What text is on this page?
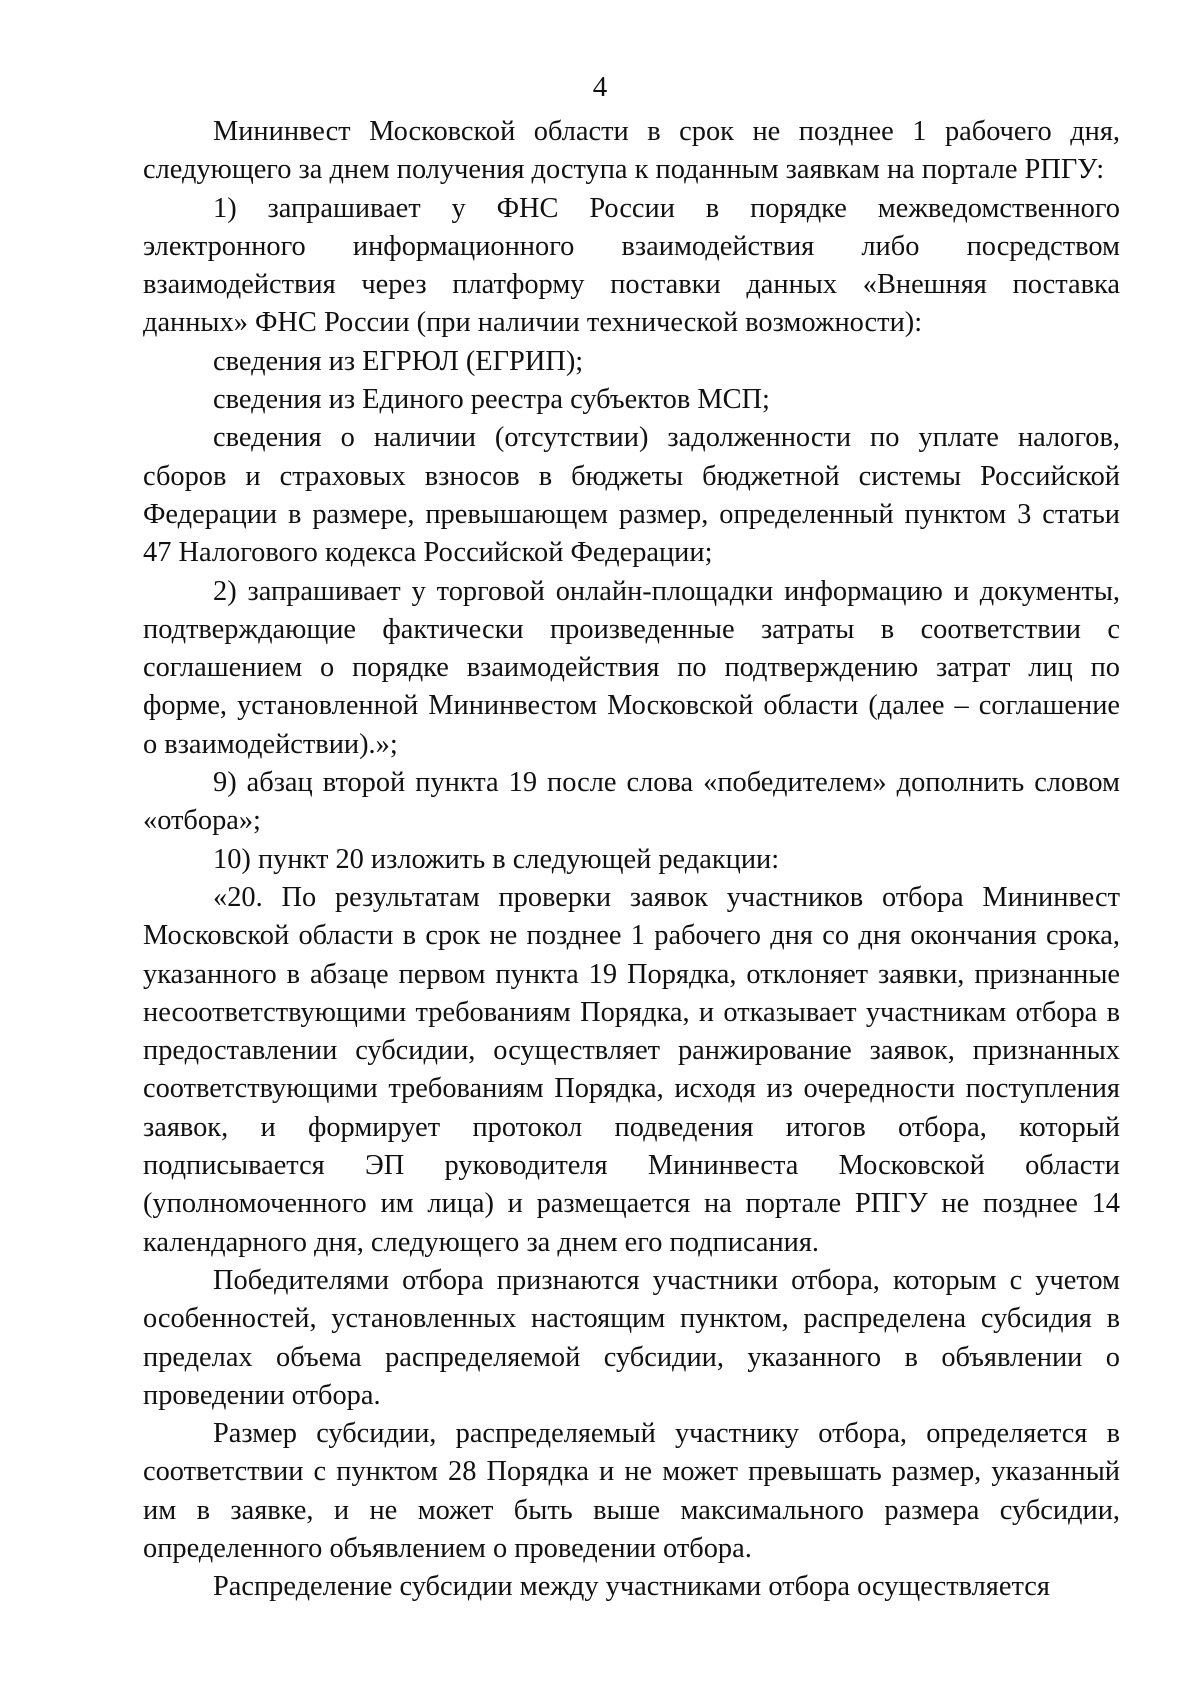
4

Мининвест Московской области в срок не позднее 1 рабочего дня, следующего за днем получения доступа к поданным заявкам на портале РПГУ:

1) запрашивает у ФНС России в порядке межведомственного электронного информационного взаимодействия либо посредством взаимодействия через платформу поставки данных «Внешняя поставка данных» ФНС России (при наличии технической возможности):

сведения из ЕГРЮЛ (ЕГРИП);

сведения из Единого реестра субъектов МСП;

сведения о наличии (отсутствии) задолженности по уплате налогов, сборов и страховых взносов в бюджеты бюджетной системы Российской Федерации в размере, превышающем размер, определенный пунктом 3 статьи 47 Налогового кодекса Российской Федерации;

2) запрашивает у торговой онлайн-площадки информацию и документы, подтверждающие фактически произведенные затраты в соответствии с соглашением о порядке взаимодействия по подтверждению затрат лиц по форме, установленной Мининвестом Московской области (далее – соглашение о взаимодействии).»;

9) абзац второй пункта 19 после слова «победителем» дополнить словом «отбора»;

10) пункт 20 изложить в следующей редакции:

«20. По результатам проверки заявок участников отбора Мининвест Московской области в срок не позднее 1 рабочего дня со дня окончания срока, указанного в абзаце первом пункта 19 Порядка, отклоняет заявки, признанные несоответствующими требованиям Порядка, и отказывает участникам отбора в предоставлении субсидии, осуществляет ранжирование заявок, признанных соответствующими требованиям Порядка, исходя из очередности поступления заявок, и формирует протокол подведения итогов отбора, который подписывается ЭП руководителя Мининвеста Московской области (уполномоченного им лица) и размещается на портале РПГУ не позднее 14 календарного дня, следующего за днем его подписания.

Победителями отбора признаются участники отбора, которым с учетом особенностей, установленных настоящим пунктом, распределена субсидия в пределах объема распределяемой субсидии, указанного в объявлении о проведении отбора.

Размер субсидии, распределяемый участнику отбора, определяется в соответствии с пунктом 28 Порядка и не может превышать размер, указанный им в заявке, и не может быть выше максимального размера субсидии, определенного объявлением о проведении отбора.

Распределение субсидии между участниками отбора осуществляется
